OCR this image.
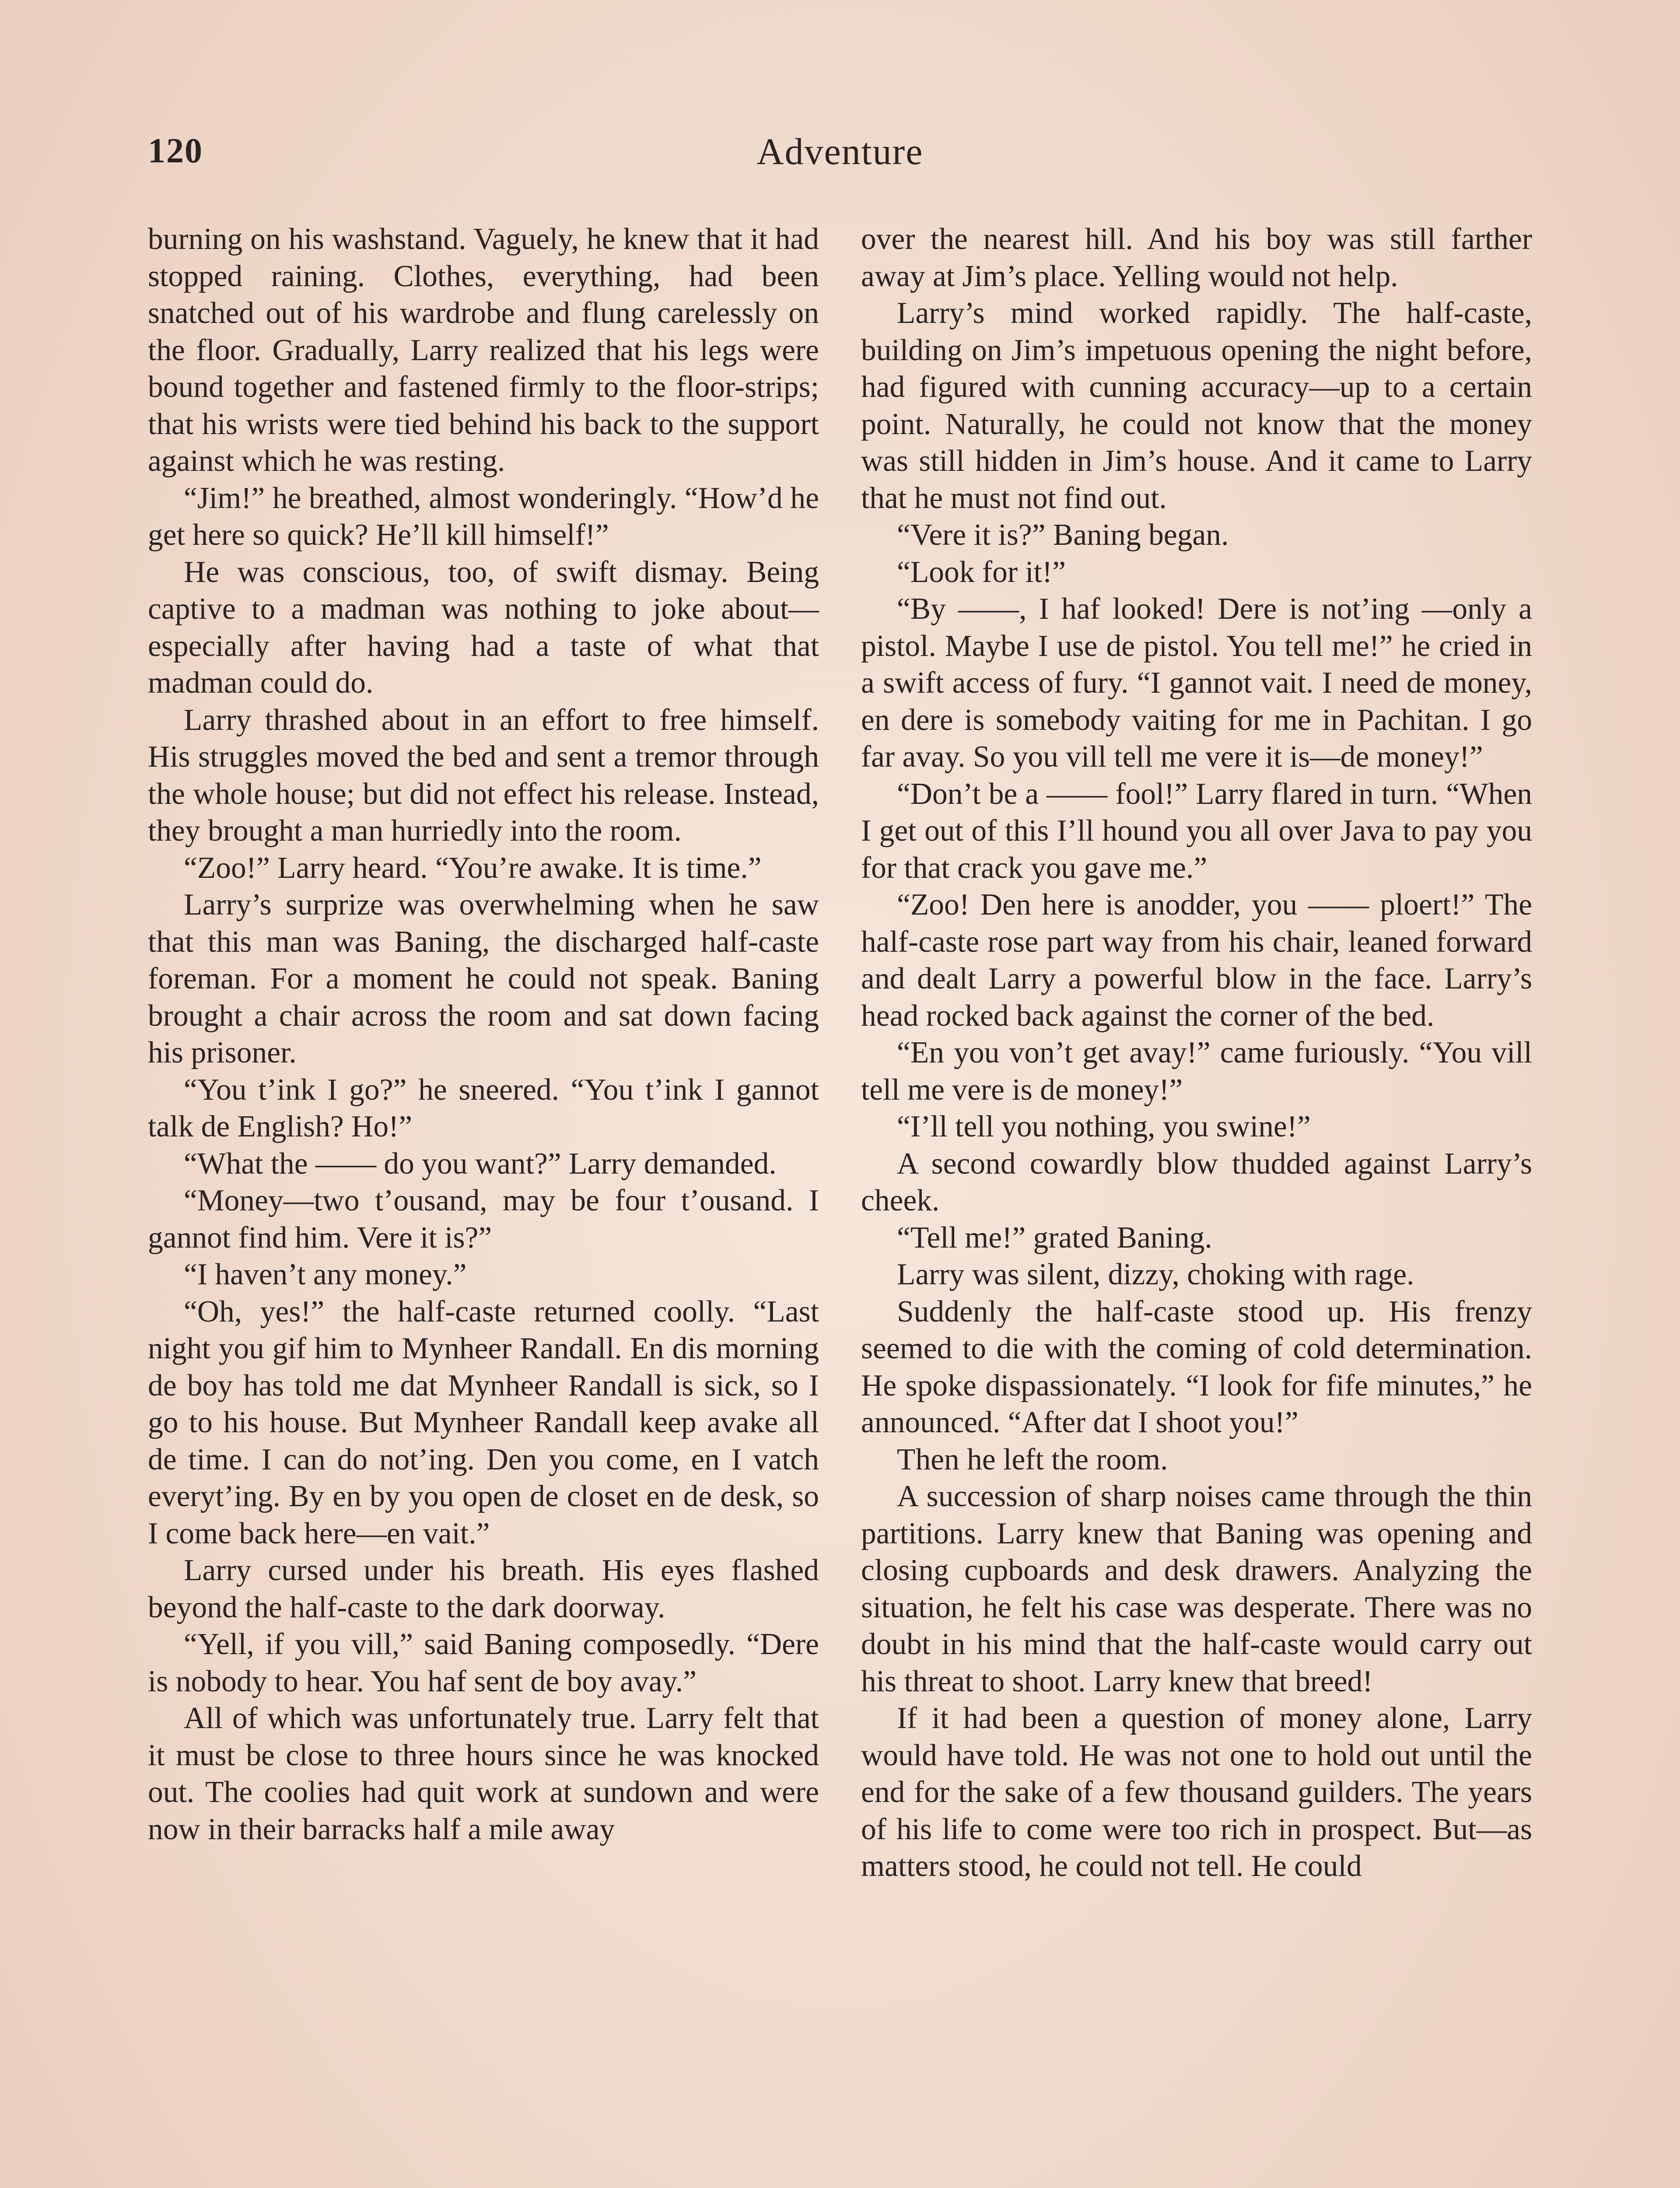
120	Adventure

burning on his washstand. Vaguely, he knew that it had stopped raining. Clothes, everything, had been snatched out of his wardrobe and flung carelessly on the floor. Gradually, Larry realized that his legs were bound together and fastened firmly to the floor-strips; that his wrists were tied behind his back to the support against which he was resting.

“Jim!” he breathed, almost wonderingly. “How’d he get here so quick? He’ll kill himself!”

He was conscious, too, of swift dismay. Being captive to a madman was nothing to joke about—especially after having had a taste of what that madman could do.

Larry thrashed about in an effort to free himself. His struggles moved the bed and sent a tremor through the whole house; but did not effect his release. Instead, they brought a man hurriedly into the room.

“Zoo!” Larry heard. “You’re awake. It is time.”

Larry’s surprize was overwhelming when he saw that this man was Baning, the discharged half-caste foreman. For a moment he could not speak. Baning brought a chair across the room and sat down facing his prisoner.

“You t’ink I go?” he sneered. “You t’ink I gannot talk de English? Ho!”

“What the —— do you want?” Larry demanded.

“Money—two t’ousand, may be four t’ousand. I gannot find him. Vere it is?”

“I haven’t any money.”

“Oh, yes!” the half-caste returned coolly. “Last night you gif him to Mynheer Randall. En dis morning de boy has told me dat Mynheer Randall is sick, so I go to his house. But Mynheer Randall keep avake all de time. I can do not’ing. Den you come, en I vatch everyt’ing. By en by you open de closet en de desk, so I come back here—en vait.”

Larry cursed under his breath. His eyes flashed beyond the half-caste to the dark doorway.

“Yell, if you vill,” said Baning composedly. “Dere is nobody to hear. You haf sent de boy avay.”

All of which was unfortunately true. Larry felt that it must be close to three hours since he was knocked out. The coolies had quit work at sundown and were now in their barracks half a mile away

over the nearest hill. And his boy was still farther away at Jim’s place. Yelling would not help.

Larry’s mind worked rapidly. The half-caste, building on Jim’s impetuous opening the night before, had figured with cunning accuracy—up to a certain point. Naturally, he could not know that the money was still hidden in Jim’s house. And it came to Larry that he must not find out.

“Vere it is?” Baning began.

“Look for it!”

“By ——, I haf looked! Dere is not’ing —only a pistol. Maybe I use de pistol. You tell me!” he cried in a swift access of fury. “I gannot vait. I need de money, en dere is somebody vaiting for me in Pachitan. I go far avay. So you vill tell me vere it is—de money!”

“Don’t be a —— fool!” Larry flared in turn. “When I get out of this I’ll hound you all over Java to pay you for that crack you gave me.”

“Zoo! Den here is anodder, you —— ploert!” The half-caste rose part way from his chair, leaned forward and dealt Larry a powerful blow in the face. Larry’s head rocked back against the corner of the bed.

“En you von’t get avay!” came furiously. “You vill tell me vere is de money!”

“I’ll tell you nothing, you swine!”

A second cowardly blow thudded against Larry’s cheek.

“Tell me!” grated Baning.

Larry was silent, dizzy, choking with rage.

Suddenly the half-caste stood up. His frenzy seemed to die with the coming of cold determination. He spoke dispassionately. “I look for fife minutes,” he announced. “After dat I shoot you!”

Then he left the room.

A succession of sharp noises came through the thin partitions. Larry knew that Baning was opening and closing cupboards and desk drawers. Analyzing the situation, he felt his case was desperate. There was no doubt in his mind that the half-caste would carry out his threat to shoot. Larry knew that breed!

If it had been a question of money alone, Larry would have told. He was not one to hold out until the end for the sake of a few thousand guilders. The years of his life to come were too rich in prospect. But—as matters stood, he could not tell. He could
